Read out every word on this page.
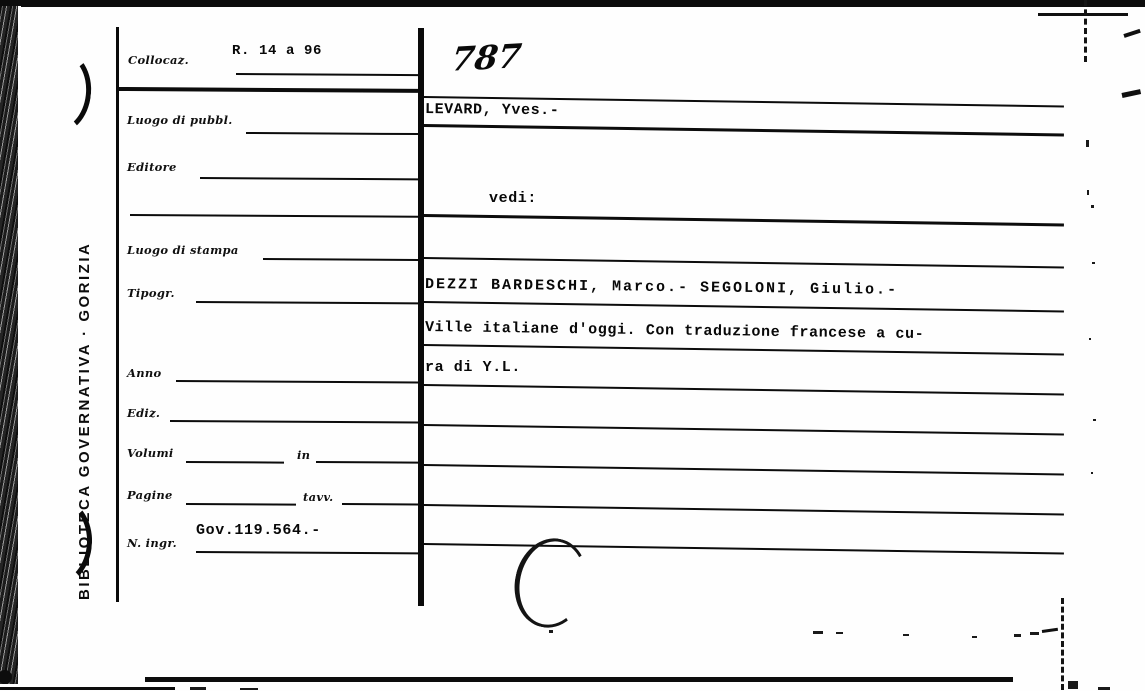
BIBLIOTECA GOVERNATIVA · GORIZIA
Collocaz.
R. 14 a 96
Luogo di pubbl.
Editore
Luogo di stampa
Tipogr.
Anno
Ediz.
Volumi	in
Pagine	tavv.
N. ingr.
Gov.119.564.-
787
LEVARD, Yves.-
vedi:
DEZZI BARDESCHI, Marco.- SEGOLONI, Giulio.-
Ville italiane d'oggi. Con traduzione francese a cu-
ra di Y.L.
